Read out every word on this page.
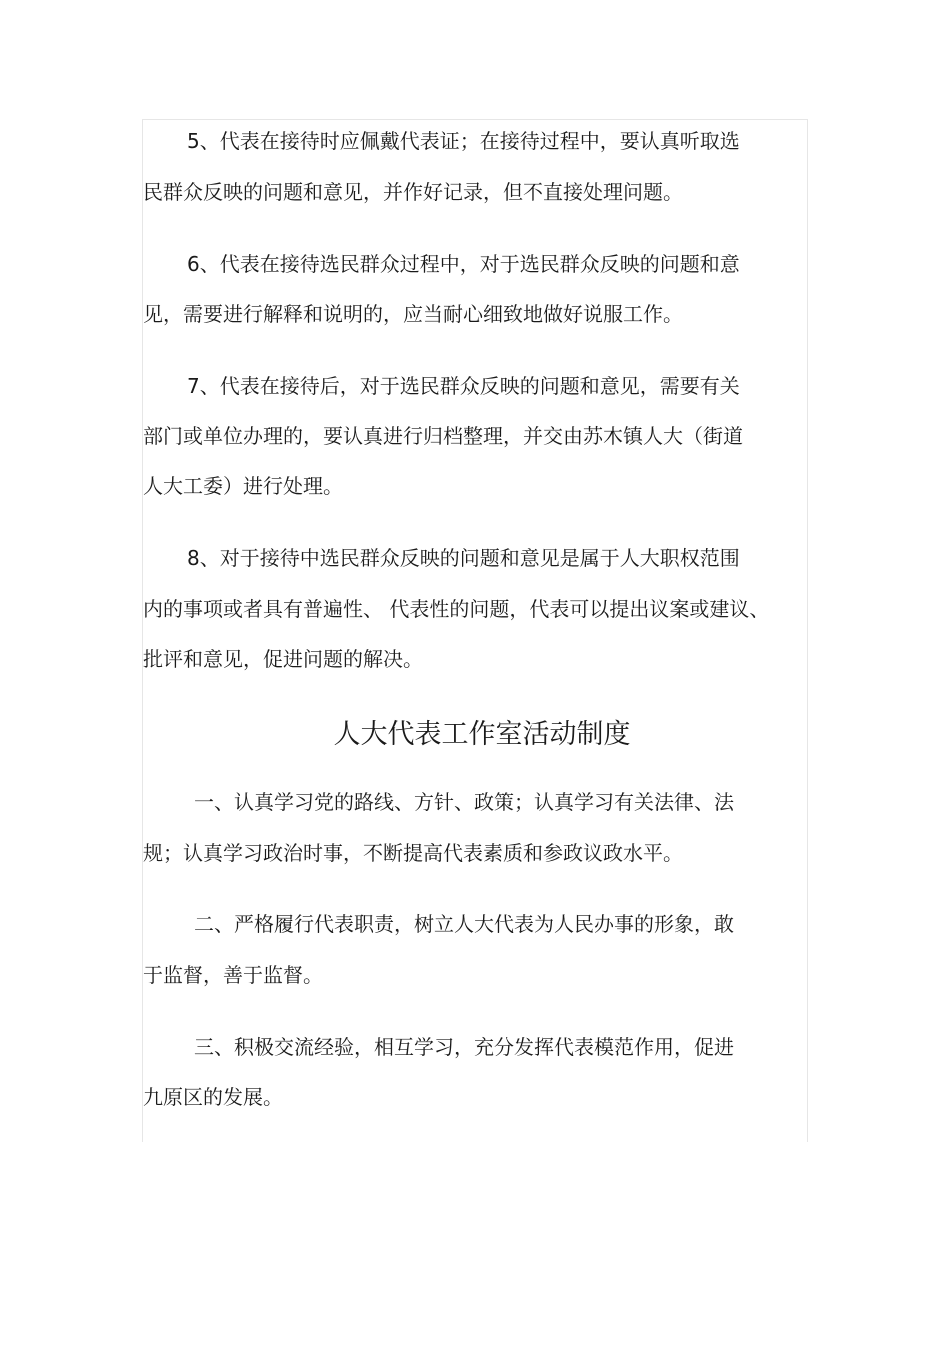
5、代表在接待时应佩戴代表证；在接待过程中，要认真听取选
民群众反映的问题和意见，并作好记录，但不直接处理问题。
6、代表在接待选民群众过程中，对于选民群众反映的问题和意
见，需要进行解释和说明的，应当耐心细致地做好说服工作。
7、代表在接待后，对于选民群众反映的问题和意见，需要有关
部门或单位办理的，要认真进行归档整理，并交由苏木镇人大（街道
人大工委）进行处理。
8、对于接待中选民群众反映的问题和意见是属于人大职权范围
内的事项或者具有普遍性、 代表性的问题，代表可以提出议案或建议、
批评和意见，促进问题的解决。
人大代表工作室活动制度
一、认真学习党的路线、方针、政策；认真学习有关法律、法
规；认真学习政治时事，不断提高代表素质和参政议政水平。
二、严格履行代表职责，树立人大代表为人民办事的形象，敢
于监督，善于监督。
三、积极交流经验，相互学习，充分发挥代表模范作用，促进
九原区的发展。
